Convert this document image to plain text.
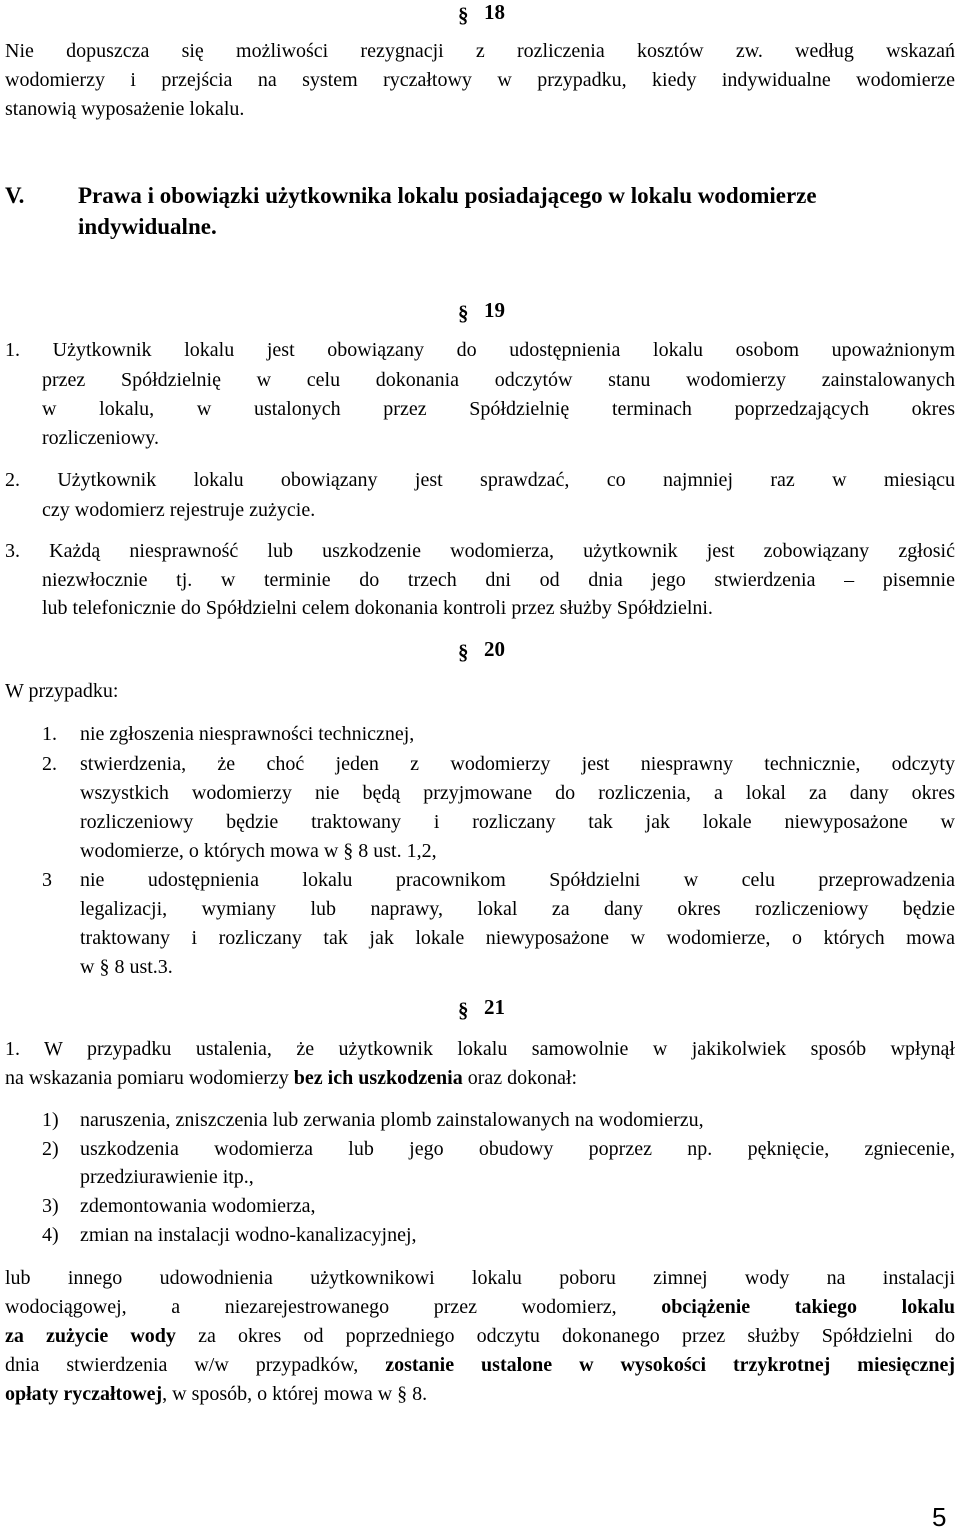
§ 18
Nie dopuszcza się możliwości rezygnacji z rozliczenia kosztów zw. według wskazań
wodomierzy i przejścia na system ryczałtowy w przypadku, kiedy indywidualne wodomierze
stanowią wyposażenie lokalu.
V. Prawa i obowiązki użytkownika lokalu posiadającego w lokalu wodomierze
indywidualne.
§ 19
1. Użytkownik lokalu jest obowiązany do udostępnienia lokalu osobom upoważnionym
przez Spółdzielnię w celu dokonania odczytów stanu wodomierzy zainstalowanych
w lokalu, w ustalonych przez Spółdzielnię terminach poprzedzających okres
rozliczeniowy.
2. Użytkownik lokalu obowiązany jest sprawdzać, co najmniej raz w miesiącu
czy wodomierz rejestruje zużycie.
3. Każdą niesprawność lub uszkodzenie wodomierza, użytkownik jest zobowiązany zgłosić
niezwłocznie tj. w terminie do trzech dni od dnia jego stwierdzenia – pisemnie
lub telefonicznie do Spółdzielni celem dokonania kontroli przez służby Spółdzielni.
§ 20
W przypadku:
1. nie zgłoszenia niesprawności technicznej,
2. stwierdzenia, że choć jeden z wodomierzy jest niesprawny technicznie, odczyty
wszystkich wodomierzy nie będą przyjmowane do rozliczenia, a lokal za dany okres
rozliczeniowy będzie traktowany i rozliczany tak jak lokale niewyposażone w
wodomierze, o których mowa w § 8 ust. 1,2,
3 nie udostępnienia lokalu pracownikom Spółdzielni w celu przeprowadzenia
legalizacji, wymiany lub naprawy, lokal za dany okres rozliczeniowy będzie
traktowany i rozliczany tak jak lokale niewyposażone w wodomierze, o których mowa
w § 8 ust.3.
§ 21
1. W przypadku ustalenia, że użytkownik lokalu samowolnie w jakikolwiek sposób wpłynął
na wskazania pomiaru wodomierzy bez ich uszkodzenia oraz dokonał:
1) naruszenia, zniszczenia lub zerwania plomb zainstalowanych na wodomierzu,
2) uszkodzenia wodomierza lub jego obudowy poprzez np. pęknięcie, zgniecenie,
przedziurawienie itp.,
3) zdemontowania wodomierza,
4) zmian na instalacji wodno-kanalizacyjnej,
lub innego udowodnienia użytkownikowi lokalu poboru zimnej wody na instalacji
wodociągowej, a niezarejestrowanego przez wodomierz, obciążenie takiego lokalu
za zużycie wody za okres od poprzedniego odczytu dokonanego przez służby Spółdzielni do
dnia stwierdzenia w/w przypadków, zostanie ustalone w wysokości trzykrotnej miesięcznej
opłaty ryczałtowej, w sposób, o której mowa w § 8.
5
